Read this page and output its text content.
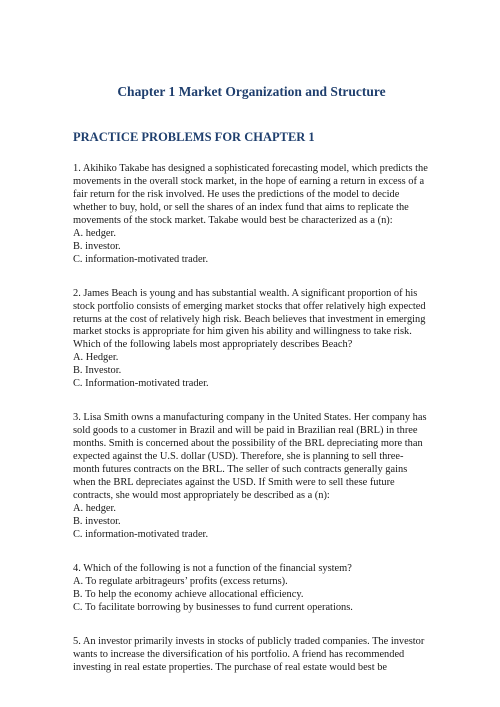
Chapter 1 Market Organization and Structure
PRACTICE PROBLEMS FOR CHAPTER 1
1. Akihiko Takabe has designed a sophisticated forecasting model, which predicts the movements in the overall stock market, in the hope of earning a return in excess of a fair return for the risk involved. He uses the predictions of the model to decide whether to buy, hold, or sell the shares of an index fund that aims to replicate the movements of the stock market. Takabe would best be characterized as a (n):
A. hedger.
B. investor.
C. information-motivated trader.
2. James Beach is young and has substantial wealth. A significant proportion of his stock portfolio consists of emerging market stocks that offer relatively high expected returns at the cost of relatively high risk. Beach believes that investment in emerging market stocks is appropriate for him given his ability and willingness to take risk. Which of the following labels most appropriately describes Beach?
A. Hedger.
B. Investor.
C. Information-motivated trader.
3. Lisa Smith owns a manufacturing company in the United States. Her company has sold goods to a customer in Brazil and will be paid in Brazilian real (BRL) in three months. Smith is concerned about the possibility of the BRL depreciating more than expected against the U.S. dollar (USD). Therefore, she is planning to sell three-month futures contracts on the BRL. The seller of such contracts generally gains when the BRL depreciates against the USD. If Smith were to sell these future contracts, she would most appropriately be described as a (n):
A. hedger.
B. investor.
C. information-motivated trader.
4. Which of the following is not a function of the financial system?
A. To regulate arbitrageurs’ profits (excess returns).
B. To help the economy achieve allocational efficiency.
C. To facilitate borrowing by businesses to fund current operations.
5. An investor primarily invests in stocks of publicly traded companies. The investor wants to increase the diversification of his portfolio. A friend has recommended investing in real estate properties. The purchase of real estate would best be
